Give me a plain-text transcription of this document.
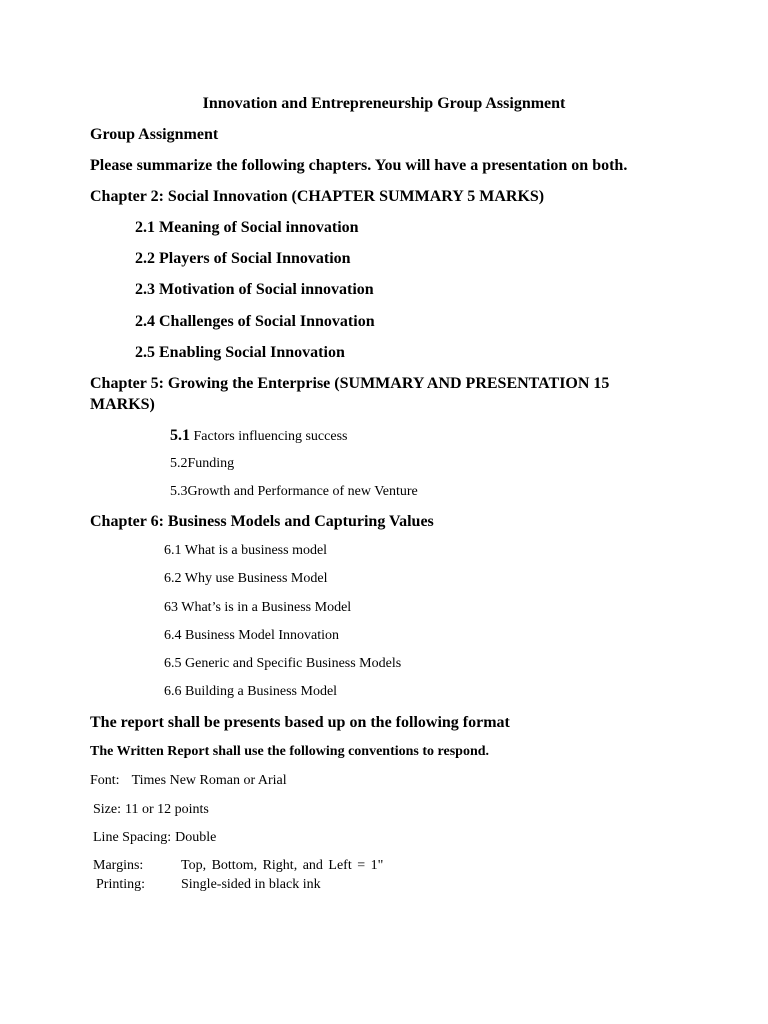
Innovation and Entrepreneurship Group Assignment
Group Assignment
Please summarize the following chapters. You will have a presentation on both.
Chapter 2: Social Innovation (CHAPTER SUMMARY 5 MARKS)
2.1 Meaning of Social innovation
2.2 Players of Social Innovation
2.3 Motivation of Social innovation
2.4 Challenges of Social Innovation
2.5 Enabling Social Innovation
Chapter 5: Growing the Enterprise (SUMMARY AND PRESENTATION 15
MARKS)
5.1 Factors influencing success
5.2Funding
5.3Growth and Performance of new Venture
Chapter 6: Business Models and Capturing Values
6.1 What is a business model
6.2 Why use Business Model
63 What’s is in a Business Model
6.4 Business Model Innovation
6.5 Generic and Specific Business Models
6.6 Building a Business Model
The report shall be presents based up on the following format
The Written Report shall use the following conventions to respond.
Font: Times New Roman or Arial
Size: 11 or 12 points
Line Spacing: Double
Margins:	Top, Bottom, Right, and Left = 1"
Printing:	Single-sided in black ink
